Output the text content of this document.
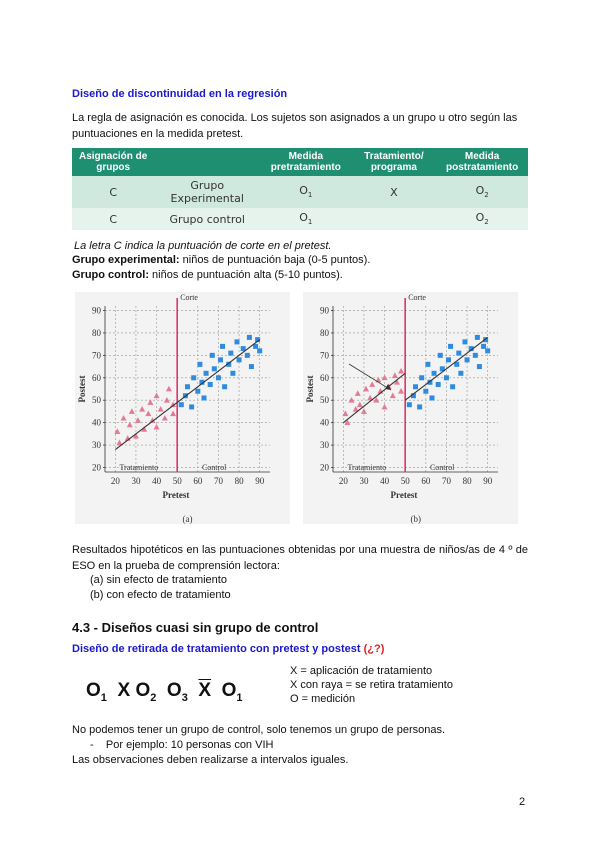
Diseño de discontinuidad en la regresión
La regla de asignación es conocida. Los sujetos son asignados a un grupo u otro según las puntuaciones en la medida pretest.
Asignación de grupos		Medida pretratamiento	Tratamiento/ programa	Medida postratamiento
C	Grupo Experimental	$O_1$	X	$O_2$
C	Grupo control	$O_1$		$O_2$
La letra C indica la puntuación de corte en el pretest.
Grupo experimental: niños de puntuación baja (0-5 puntos).
Grupo control: niños de puntuación alta (5-10 puntos).
20
30
40
50
60
70
80
90
20 30 40 50 60 70 80 90
Corte
Tratamiento	Control
Pretest
Postest
(a)
20
30
40
50
60
70
80
90
20 30 40 50 60 70 80 90
Corte
Tratamiento	Control
Pretest
Postest
(b)
Resultados hipotéticos en las puntuaciones obtenidas por una muestra de niños/as de 4 º de ESO en la prueba de comprensión lectora:
(a) sin efecto de tratamiento
(b) con efecto de tratamiento
4.3 - Diseños cuasi sin grupo de control
Diseño de retirada de tratamiento con pretest y postest (¿?)
$O_1$ X $O_2$ $O_3$ $\overline{X}$ $O_1$
X = aplicación de tratamiento
X con raya = se retira tratamiento
O = medición
No podemos tener un grupo de control, solo tenemos un grupo de personas.
- Por ejemplo: 10 personas con VIH
Las observaciones deben realizarse a intervalos iguales.
2
